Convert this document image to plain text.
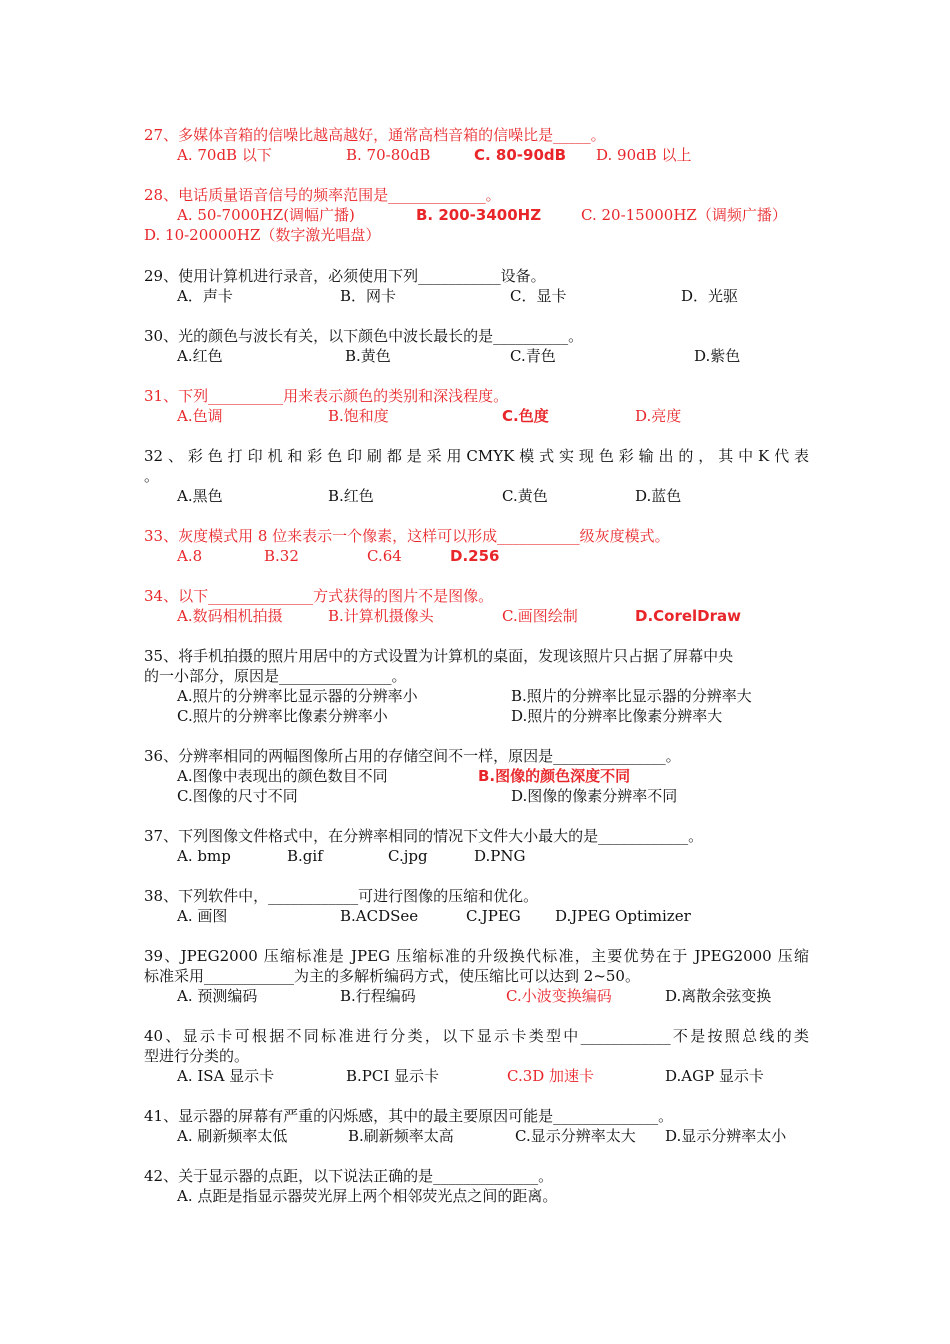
27、多媒体音箱的信噪比越高越好，通常高档音箱的信噪比是_____。
A. 70dB 以下	B. 70-80dB	C. 80-90dB D. 90dB 以上
28、电话质量语音信号的频率范围是_____________。
A. 50-7000HZ(调幅广播)	B. 200-3400HZ	C. 20-15000HZ（调频广播）
D. 10-20000HZ（数字激光唱盘）
29、使用计算机进行录音，必须使用下列___________设备。
A．声卡	B．网卡	C．显卡	D．光驱
30、光的颜色与波长有关，以下颜色中波长最长的是__________。
A.红色	B.黄色	C.青色	D.紫色
31、下列__________用来表示颜色的类别和深浅程度。
A.色调	B.饱和度	C.色度	D.亮度
32、彩色打印机和彩色印刷都是采用CMYK模式实现色彩输出的，其中K代表
。
A.黑色	B.红色	C.黄色	D.蓝色
33、灰度模式用 8 位来表示一个像素，这样可以形成___________级灰度模式。
A.8	B.32	C.64	D.256
34、以下______________方式获得的图片不是图像。
A.数码相机拍摄	B.计算机摄像头	C.画图绘制	D.CorelDraw
35、将手机拍摄的照片用居中的方式设置为计算机的桌面，发现该照片只占据了屏幕中央
的一小部分，原因是_______________。
A.照片的分辨率比显示器的分辨率小	B.照片的分辨率比显示器的分辨率大
C.照片的分辨率比像素分辨率小	D.照片的分辨率比像素分辨率大
36、分辨率相同的两幅图像所占用的存储空间不一样，原因是_______________。
A.图像中表现出的颜色数目不同	B.图像的颜色深度不同
C.图像的尺寸不同	D.图像的像素分辨率不同
37、下列图像文件格式中，在分辨率相同的情况下文件大小最大的是____________。
A. bmp	B.gif	C.jpg	D.PNG
38、下列软件中，____________可进行图像的压缩和优化。
A. 画图	B.ACDSee	C.JPEG D.JPEG Optimizer
39、JPEG2000 压缩标准是 JPEG 压缩标准的升级换代标准，主要优势在于 JPEG2000 压缩
标准采用____________为主的多解析编码方式，使压缩比可以达到 2~50。
A. 预测编码	B.行程编码	C.小波变换编码	D.离散余弦变换
40、显示卡可根据不同标准进行分类，以下显示卡类型中____________不是按照总线的类
型进行分类的。
A. ISA 显示卡	B.PCI 显示卡	C.3D 加速卡	D.AGP 显示卡
41、显示器的屏幕有严重的闪烁感，其中的最主要原因可能是______________。
A. 刷新频率太低	B.刷新频率太高	C.显示分辨率太大 D.显示分辨率太小
42、关于显示器的点距，以下说法正确的是______________。
A. 点距是指显示器荧光屏上两个相邻荧光点之间的距离。
